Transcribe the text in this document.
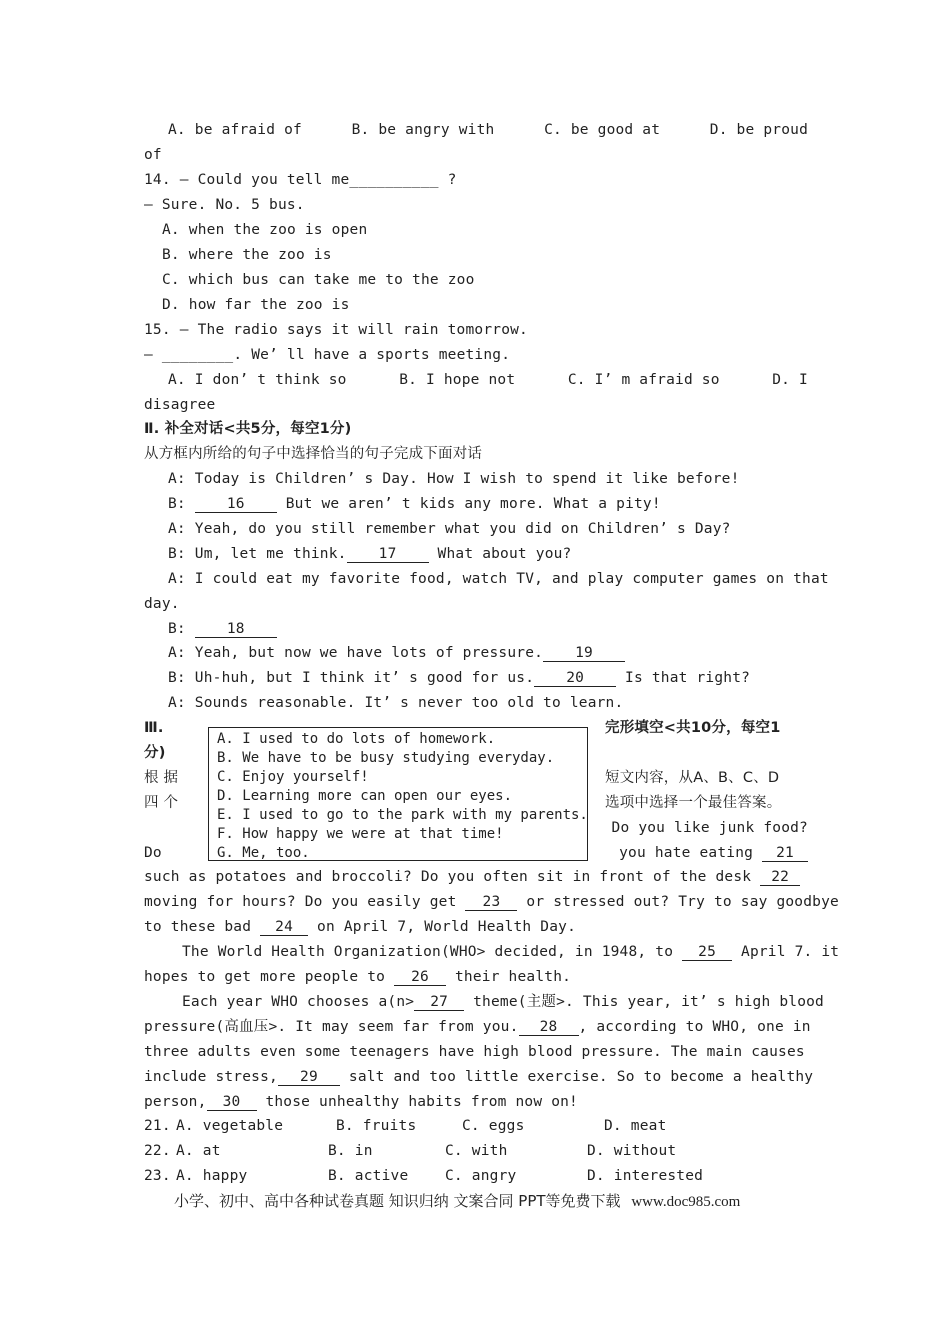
A. be afraid of	B. be angry with	C. be good at	D. be proud
of
14. – Could you tell me__________ ?
– Sure. No. 5 bus.
A. when the zoo is open
B. where the zoo is
C. which bus can take me to the zoo
D. how far the zoo is
15. – The radio says it will rain tomorrow.
– ________. We’ ll have a sports meeting.
A. I don’ t think so	B. I hope not	C. I’ m afraid so	D. I
disagree
Ⅱ. 补全对话<共5分，每空1分)
从方框内所给的句子中选择恰当的句子完成下面对话
A: Today is Children’ s Day. How I wish to spend it like before!
B:	16 But we aren’ t kids any more. What a pity!
A: Yeah, do you still remember what you did on Children’ s Day?
B: Um, let me think. 17 What about you?
A: I could eat my favorite food, watch TV, and play computer games on that
day.
B:	18
A: Yeah, but now we have lots of pressure. 19
B: Uh-huh, but I think it’ s good for us. 20 Is that right?
A: Sounds reasonable. It’ s never too old to learn.
Ⅲ.	完形填空<共10分，每空1
分)
根 据	短文内容，从A、B、C、D
四 个	选项中选择一个最佳答案。
Do you like junk food?
Do	you hate eating 21
A. I used to do lots of homework.
B. We have to be busy studying everyday.
C. Enjoy yourself!
D. Learning more can open our eyes.
E. I used to go to the park with my parents.
F. How happy we were at that time!
G. Me, too.
such as potatoes and broccoli? Do you often sit in front of the desk 22
moving for hours? Do you easily get 23 or stressed out? Try to say goodbye
to these bad 24 on April 7, World Health Day.
The World Health Organization(WHO> decided, in 1948, to 25 April 7. it
hopes to get more people to 26 their health.
Each year WHO chooses a(n> 27 theme(主题>. This year, it’ s high blood
pressure(高血压>. It may seem far from you. 28 , according to WHO, one in
three adults even some teenagers have high blood pressure. The main causes
include stress, 29 salt and too little exercise. So to become a healthy
person, 30 those unhealthy habits from now on!
21. A. vegetable	B. fruits	C. eggs	D. meat
22. A. at	B. in	C. with	D. without
23. A. happy	B. active	C. angry	D. interested
小学、初中、高中各种试卷真题 知识归纳 文案合同 PPT等免费下载 www.doc985.com
